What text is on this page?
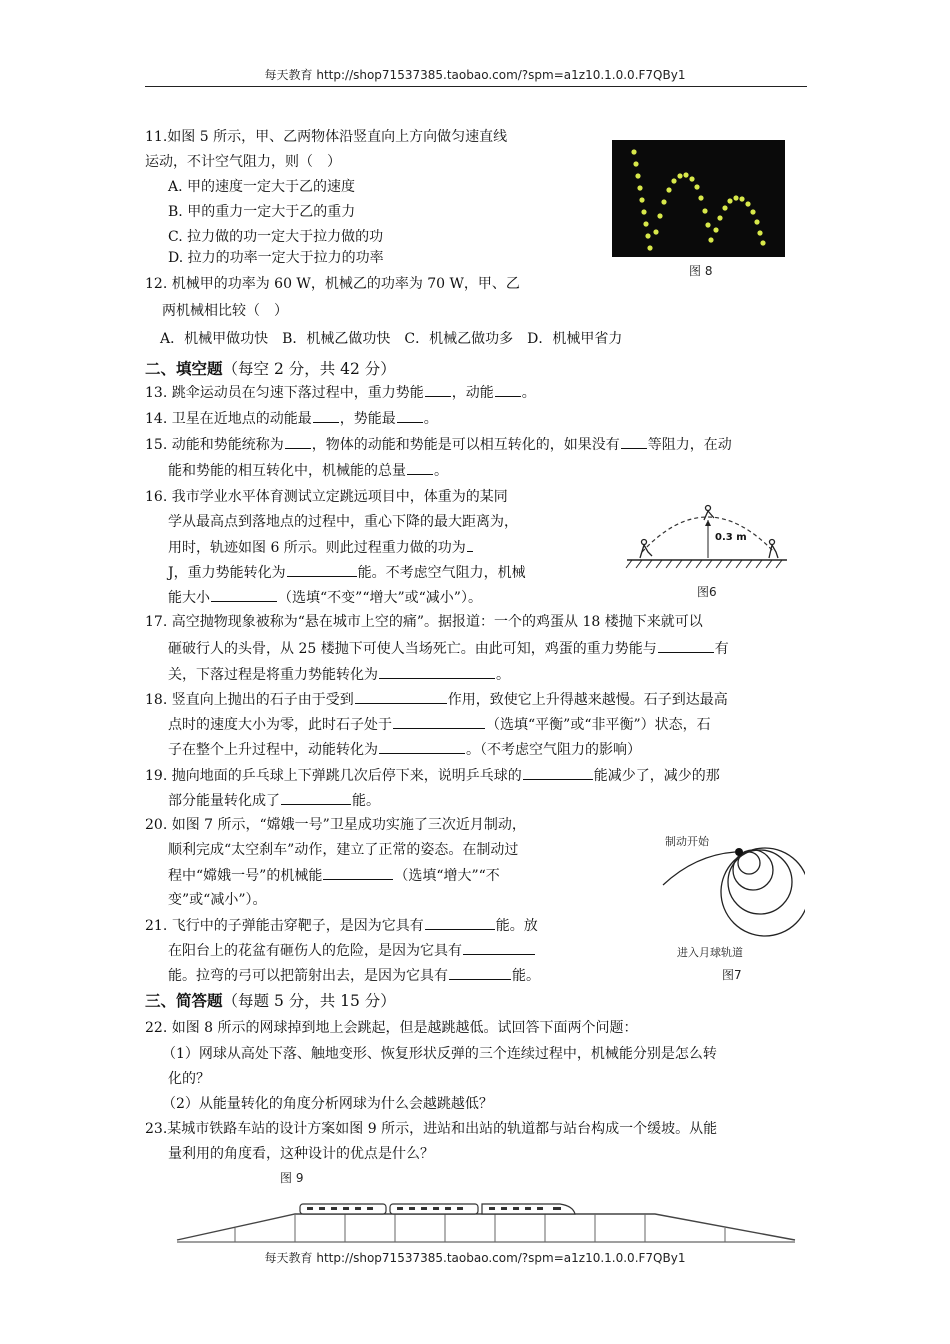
每天教育 http://shop71537385.taobao.com/?spm=a1z10.1.0.0.F7QBy1
11.如图 5 所示，甲、乙两物体沿竖直向上方向做匀速直线
运动，不计空气阻力，则（　）
A. 甲的速度一定大于乙的速度
B. 甲的重力一定大于乙的重力
C. 拉力做的功一定大于拉力做的功
D. 拉力的功率一定大于拉力的功率
图 8
12. 机械甲的功率为 60 W，机械乙的功率为 70 W，甲、乙
两机械相比较（　）
A．机械甲做功快　B．机械乙做功快　C．机械乙做功多　D．机械甲省力
二、填空题（每空 2 分，共 42 分）
13. 跳伞运动员在匀速下落过程中，重力势能 ，动能 。
14. 卫星在近地点的动能最 ，势能最 。
15. 动能和势能统称为 ，物体的动能和势能是可以相互转化的，如果没有 等阻力，在动
能和势能的相互转化中，机械能的总量 。
16. 我市学业水平体育测试立定跳远项目中，体重为的某同
学从最高点到落地点的过程中，重心下降的最大距离为，
用时，轨迹如图 6 所示。则此过程重力做的功为
J，重力势能转化为	能。不考虑空气阻力，机械
能大小	（选填“不变”“增大”或“减小”）。
0.3 m
图6
17. 高空抛物现象被称为“悬在城市上空的痛”。据报道：一个的鸡蛋从 18 楼抛下来就可以
砸破行人的头骨，从 25 楼抛下可使人当场死亡。由此可知，鸡蛋的重力势能与	有
关，下落过程是将重力势能转化为	。
18. 竖直向上抛出的石子由于受到	作用，致使它上升得越来越慢。石子到达最高
点时的速度大小为零，此时石子处于	（选填“平衡”或“非平衡”）状态，石
子在整个上升过程中，动能转化为	。（不考虑空气阻力的影响）
19. 抛向地面的乒乓球上下弹跳几次后停下来，说明乒乓球的	能减少了，减少的那
部分能量转化成了	能。
20. 如图 7 所示，“嫦娥一号”卫星成功实施了三次近月制动，
顺利完成“太空刹车”动作，建立了正常的姿态。在制动过
程中“嫦娥一号”的机械能	（选填“增大”“不
变”或“减小”）。
21. 飞行中的子弹能击穿靶子，是因为它具有	能。放
在阳台上的花盆有砸伤人的危险，是因为它具有
能。拉弯的弓可以把箭射出去，是因为它具有	能。
制动开始
进入月球轨道
图7
三、简答题（每题 5 分，共 15 分）
22. 如图 8 所示的网球掉到地上会跳起，但是越跳越低。试回答下面两个问题：
（1）网球从高处下落、触地变形、恢复形状反弹的三个连续过程中，机械能分别是怎么转
化的？
（2）从能量转化的角度分析网球为什么会越跳越低？
23.某城市铁路车站的设计方案如图 9 所示，进站和出站的轨道都与站台构成一个缓坡。从能
量利用的角度看，这种设计的优点是什么？
图 9
每天教育 http://shop71537385.taobao.com/?spm=a1z10.1.0.0.F7QBy1
